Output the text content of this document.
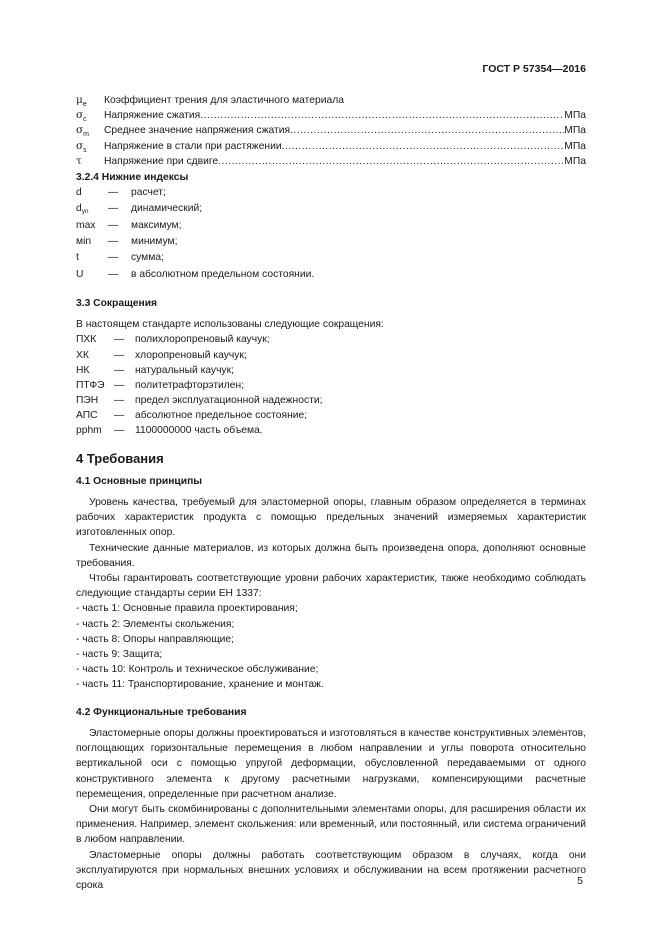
ГОСТ Р 57354—2016
$\mu_e$	Коэффициент трения для эластичного материала
$\sigma_c$	Напряжение сжатия .....	МПа
$\sigma_m$	Среднее значение напряжения сжатия .....	МПа
$\sigma_s$	Напряжение в стали при растяжении .....	МПа
τ	Напряжение при сдвиге .....	МПа
3.2.4 Нижние индексы
d	—	расчет;
$d_{уп}$	—	динамический;
max	—	максимум;
мin	—	минимум;
t	—	сумма;
U	—	в абсолютном предельном состоянии.
3.3 Сокращения

В настоящем стандарте использованы следующие сокращения:

ПХК	—	полихлоропреновый каучук;
ХК	—	хлоропреновый каучук;
НК	—	натуральный каучук;
ПТФЭ —	политетрафторэтилен;
ПЭН	—	предел эксплуатационной надежности;
АПС	—	абсолютное предельное состояние;
pphm	—	1100000000 часть объема.
4 Требования
4.1 Основные принципы

Уровень качества, требуемый для эластомерной опоры, главным образом определяется в терминах рабочих характеристик продукта с помощью предельных значений измеряемых характеристик изготовленных опор.

Технические данные материалов, из которых должна быть произведена опора, дополняют основные требования.

Чтобы гарантировать соответствующие уровни рабочих характеристик, также необходимо соблюдать следующие стандарты серии ЕН 1337:

- часть 1: Основные правила проектирования;
- часть 2: Элементы скольжения;
- часть 8: Опоры направляющие;
- часть 9: Защита;
- часть 10: Контроль и техническое обслуживание;
- часть 11: Транспортирование, хранение и монтаж.
4.2 Функциональные требования

Эластомерные опоры должны проектироваться и изготовляться в качестве конструктивных элементов, поглощающих горизонтальные перемещения в любом направлении и углы поворота относительно вертикальной оси с помощью упругой деформации, обусловленной передаваемыми от одного конструктивного элемента к другому расчетными нагрузками, компенсирующими расчетные перемещения, определенные при расчетном анализе.

Они могут быть скомбинированы с дополнительными элементами опоры, для расширения области их применения. Например, элемент скольжения: или временный, или постоянный, или система ограничений в любом направлении.

Эластомерные опоры должны работать соответствующим образом в случаях, когда они эксплуатируются при нормальных внешних условиях и обслуживании на всем протяжении расчетного срока	5
